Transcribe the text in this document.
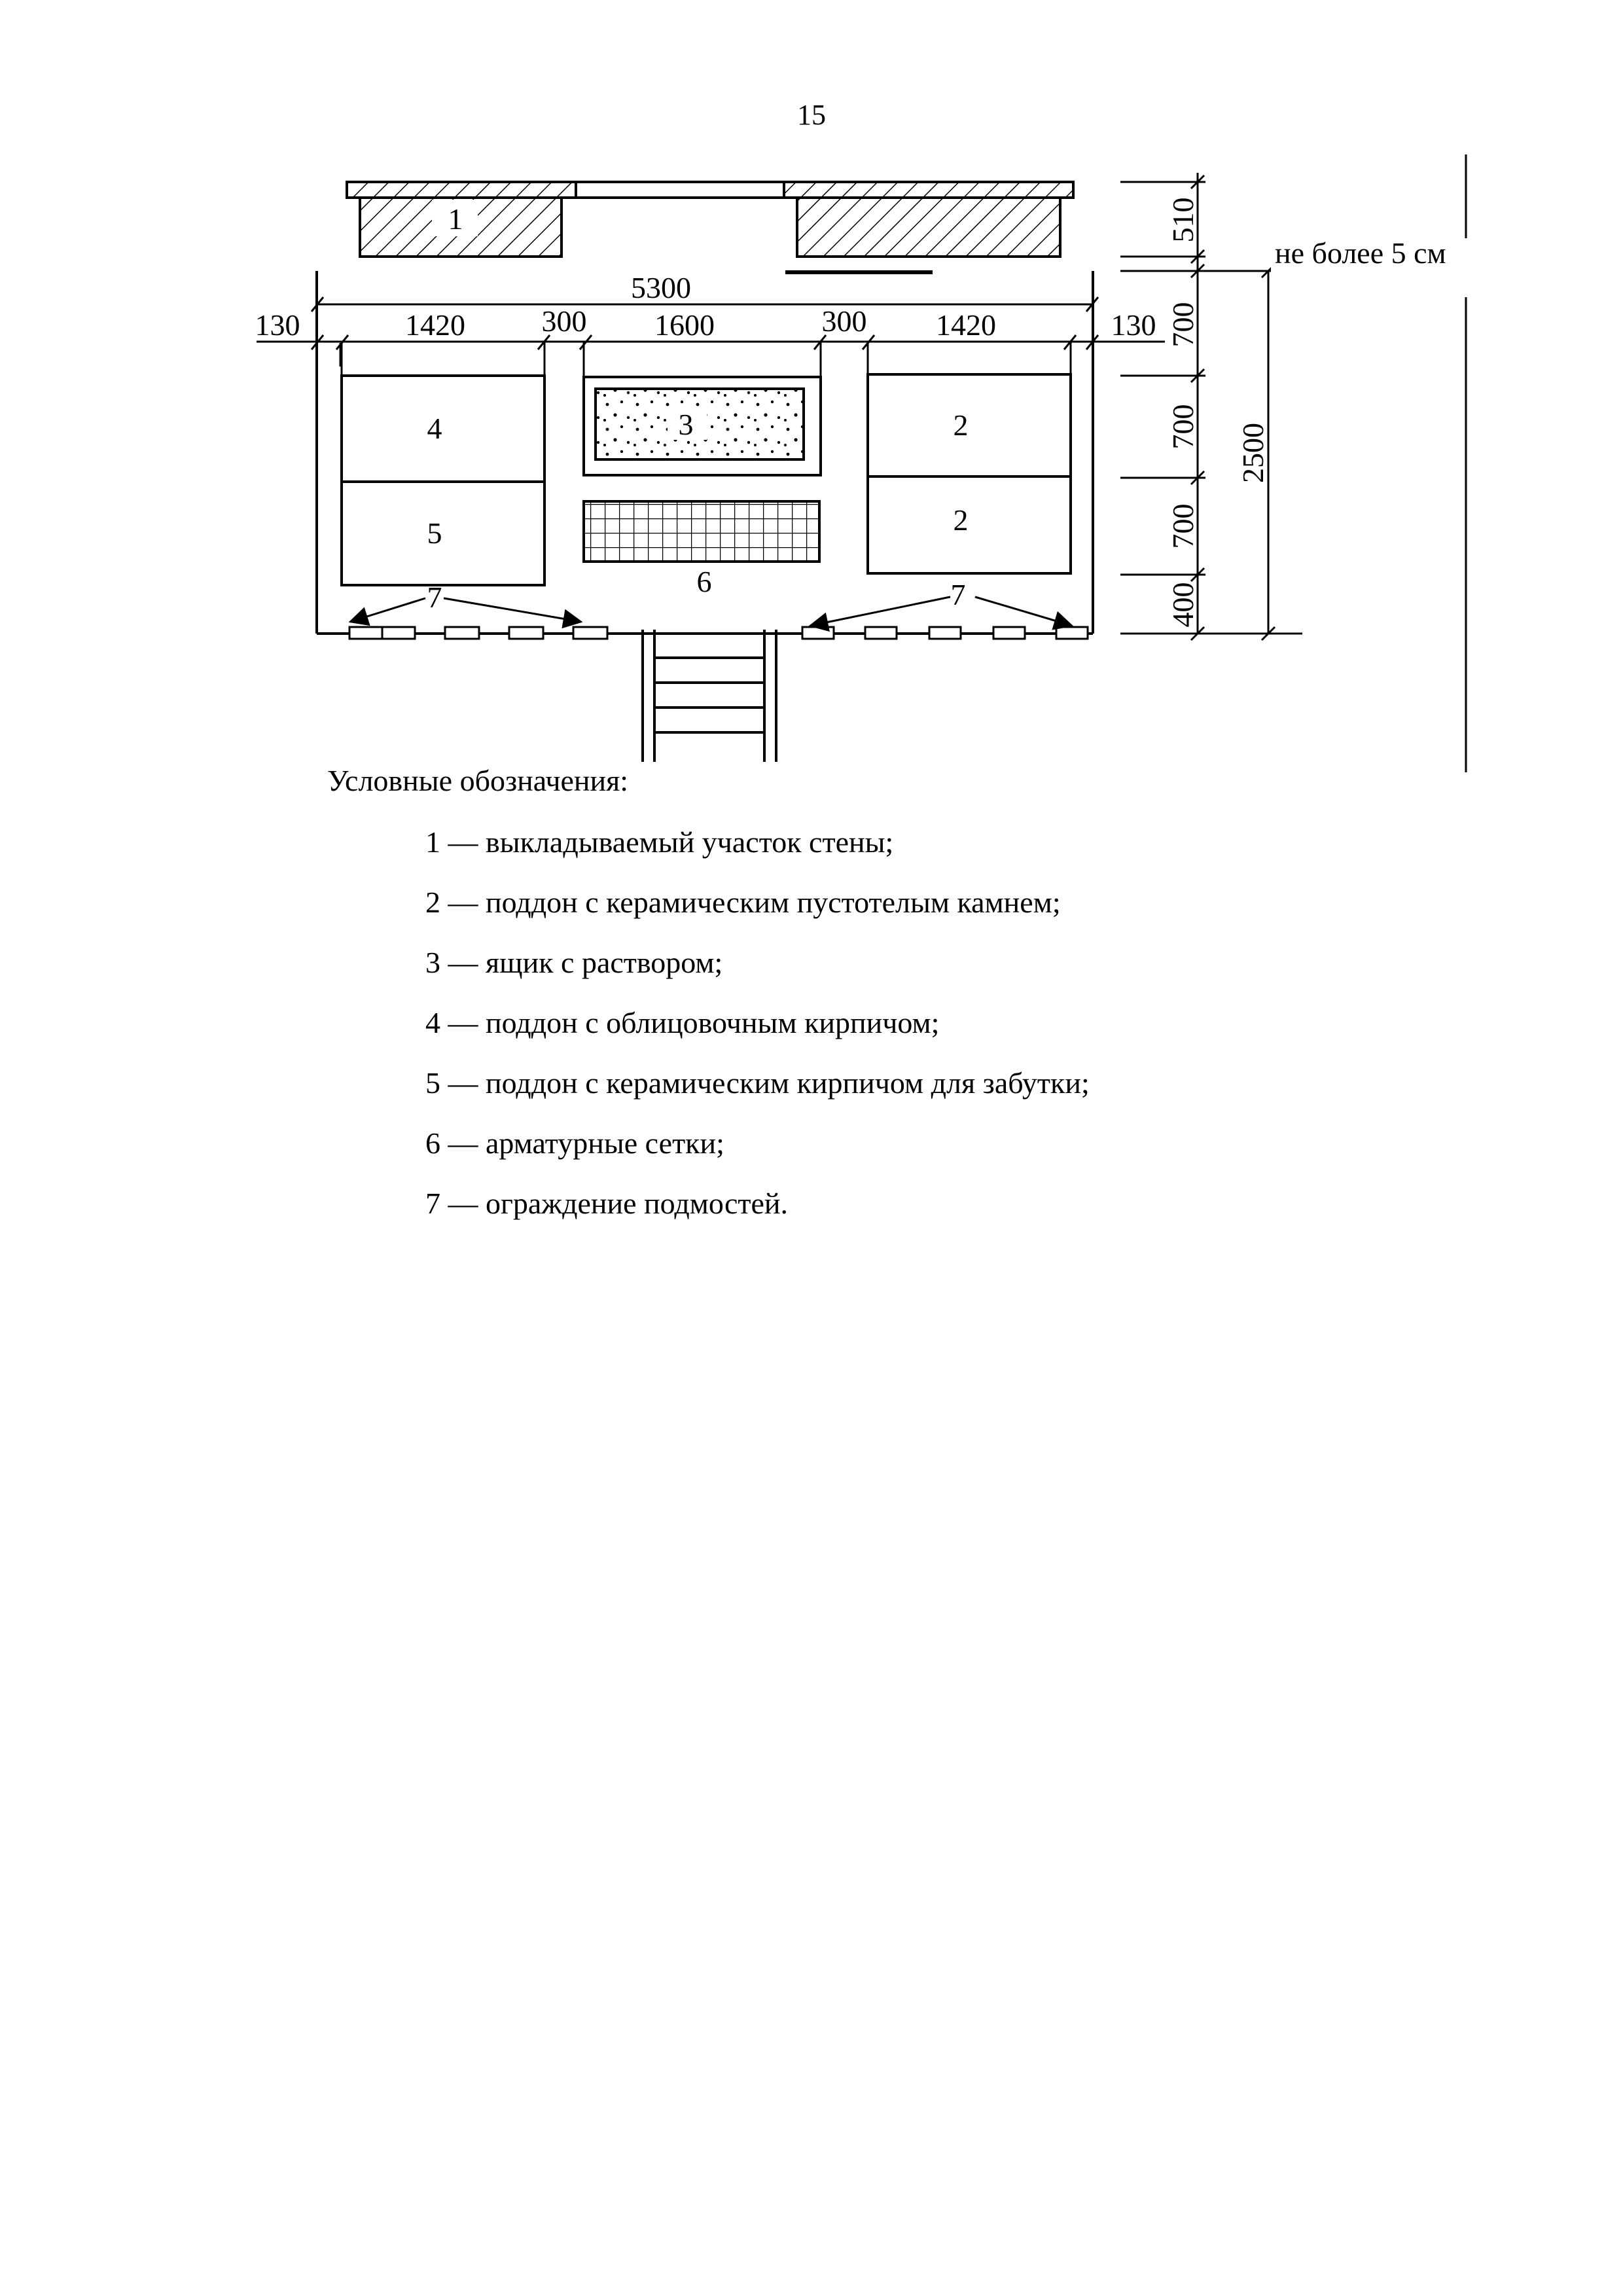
15
1
4
5
2
2
3
6
7	7
5300
130	1420	300 1600	300 1420	130
510
700
700
700
400
2500
не более 5 см
Условные обозначения:
1 — выкладываемый участок стены;
2 — поддон с керамическим пустотелым камнем;
3 — ящик с раствором;
4 — поддон с облицовочным кирпичом;
5 — поддон с керамическим кирпичом для забутки;
6 — арматурные сетки;
7 — ограждение подмостей.
